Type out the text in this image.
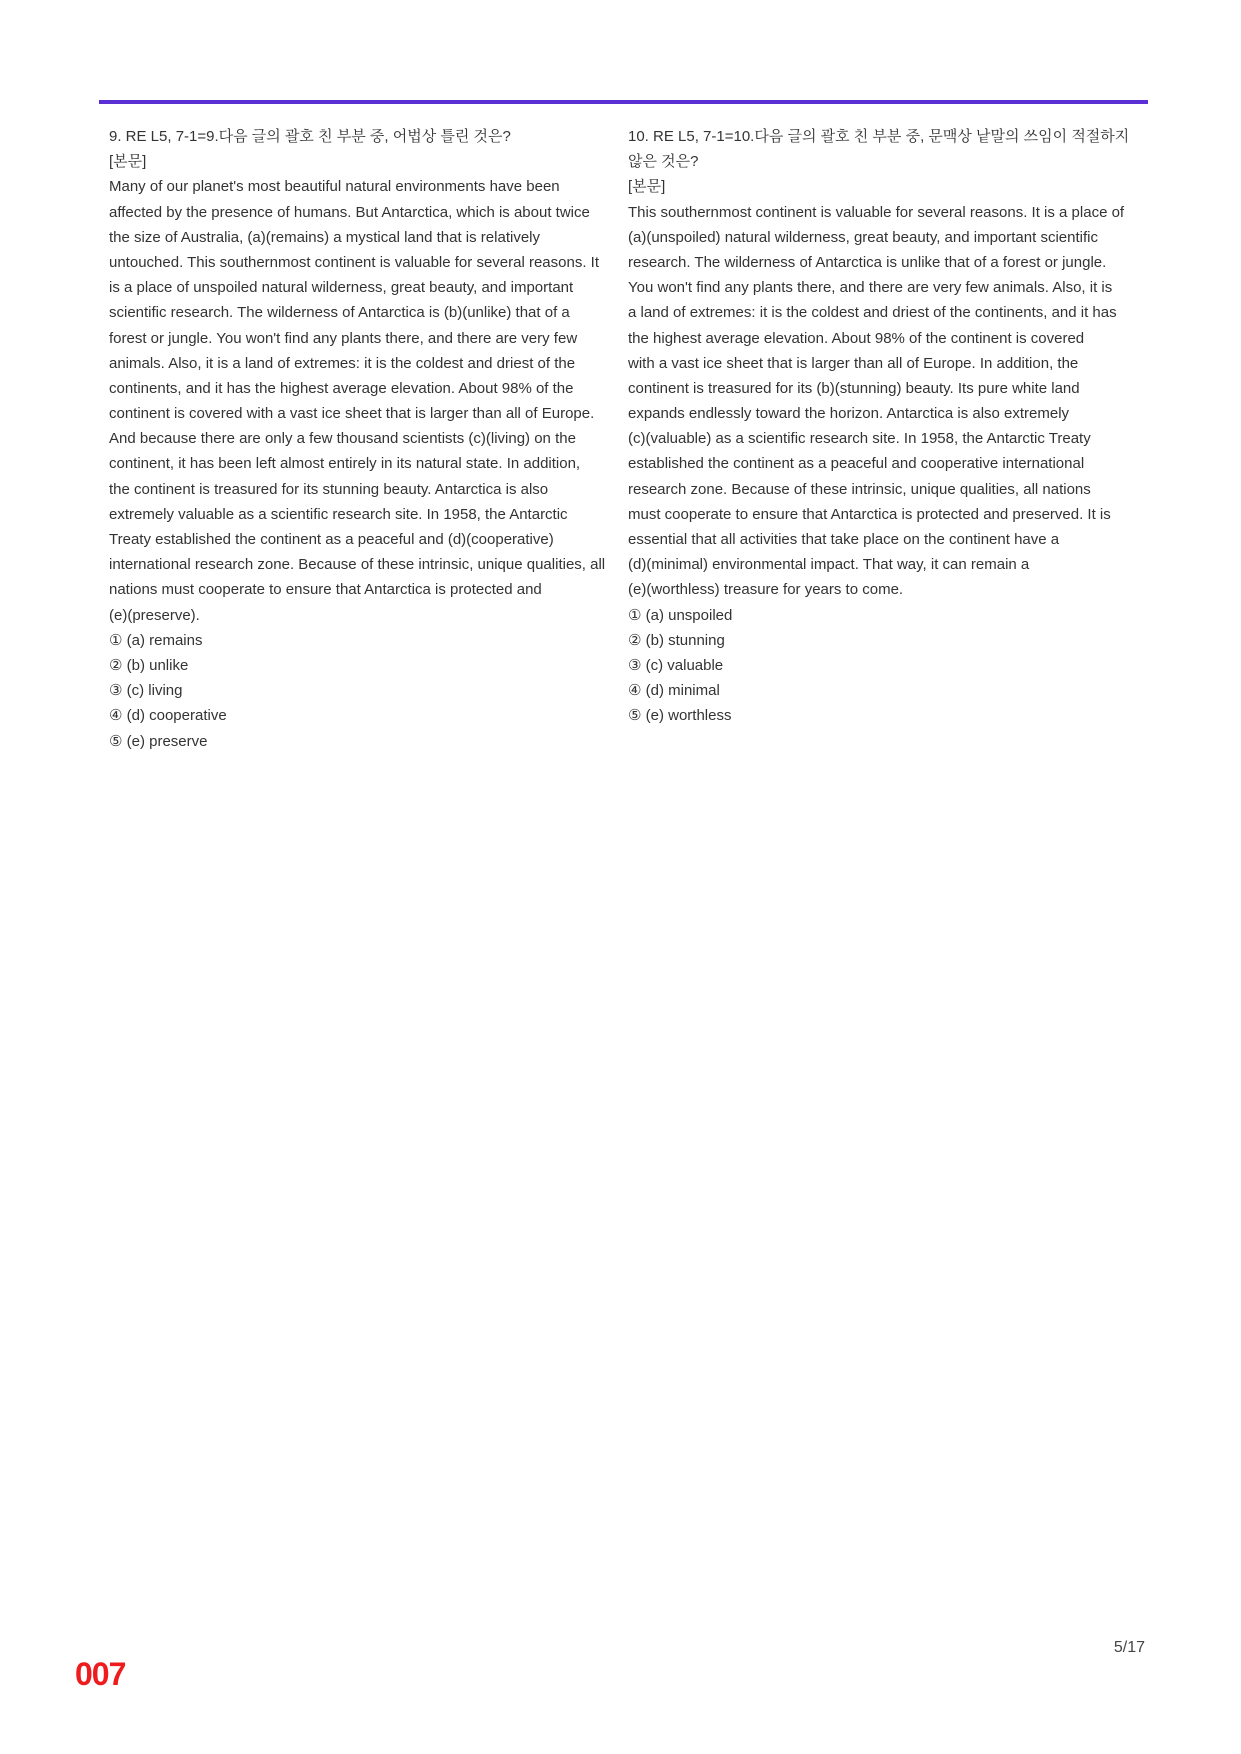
9. RE L5, 7-1=9.다음 글의 괄호 친 부분 중, 어법상 틀린 것은?
[본문]
Many of our planet's most beautiful natural environments have been
affected by the presence of humans. But Antarctica, which is about twice
the size of Australia, (a)(remains) a mystical land that is relatively
untouched. This southernmost continent is valuable for several reasons. It
is a place of unspoiled natural wilderness, great beauty, and important
scientific research. The wilderness of Antarctica is (b)(unlike) that of a
forest or jungle. You won't find any plants there, and there are very few
animals. Also, it is a land of extremes: it is the coldest and driest of the
continents, and it has the highest average elevation. About 98% of the
continent is covered with a vast ice sheet that is larger than all of Europe.
And because there are only a few thousand scientists (c)(living) on the
continent, it has been left almost entirely in its natural state. In addition,
the continent is treasured for its stunning beauty. Antarctica is also
extremely valuable as a scientific research site. In 1958, the Antarctic
Treaty established the continent as a peaceful and (d)(cooperative)
international research zone. Because of these intrinsic, unique qualities, all
nations must cooperate to ensure that Antarctica is protected and
(e)(preserve).
① (a) remains
② (b) unlike
③ (c) living
④ (d) cooperative
⑤ (e) preserve
10. RE L5, 7-1=10.다음 글의 괄호 친 부분 중, 문맥상 낱말의 쓰임이 적절하지
않은 것은?
[본문]
This southernmost continent is valuable for several reasons. It is a place of
(a)(unspoiled) natural wilderness, great beauty, and important scientific
research. The wilderness of Antarctica is unlike that of a forest or jungle.
You won't find any plants there, and there are very few animals. Also, it is
a land of extremes: it is the coldest and driest of the continents, and it has
the highest average elevation. About 98% of the continent is covered
with a vast ice sheet that is larger than all of Europe. In addition, the
continent is treasured for its (b)(stunning) beauty. Its pure white land
expands endlessly toward the horizon. Antarctica is also extremely
(c)(valuable) as a scientific research site. In 1958, the Antarctic Treaty
established the continent as a peaceful and cooperative international
research zone. Because of these intrinsic, unique qualities, all nations
must cooperate to ensure that Antarctica is protected and preserved. It is
essential that all activities that take place on the continent have a
(d)(minimal) environmental impact. That way, it can remain a
(e)(worthless) treasure for years to come.
① (a) unspoiled
② (b) stunning
③ (c) valuable
④ (d) minimal
⑤ (e) worthless
5/17
007
